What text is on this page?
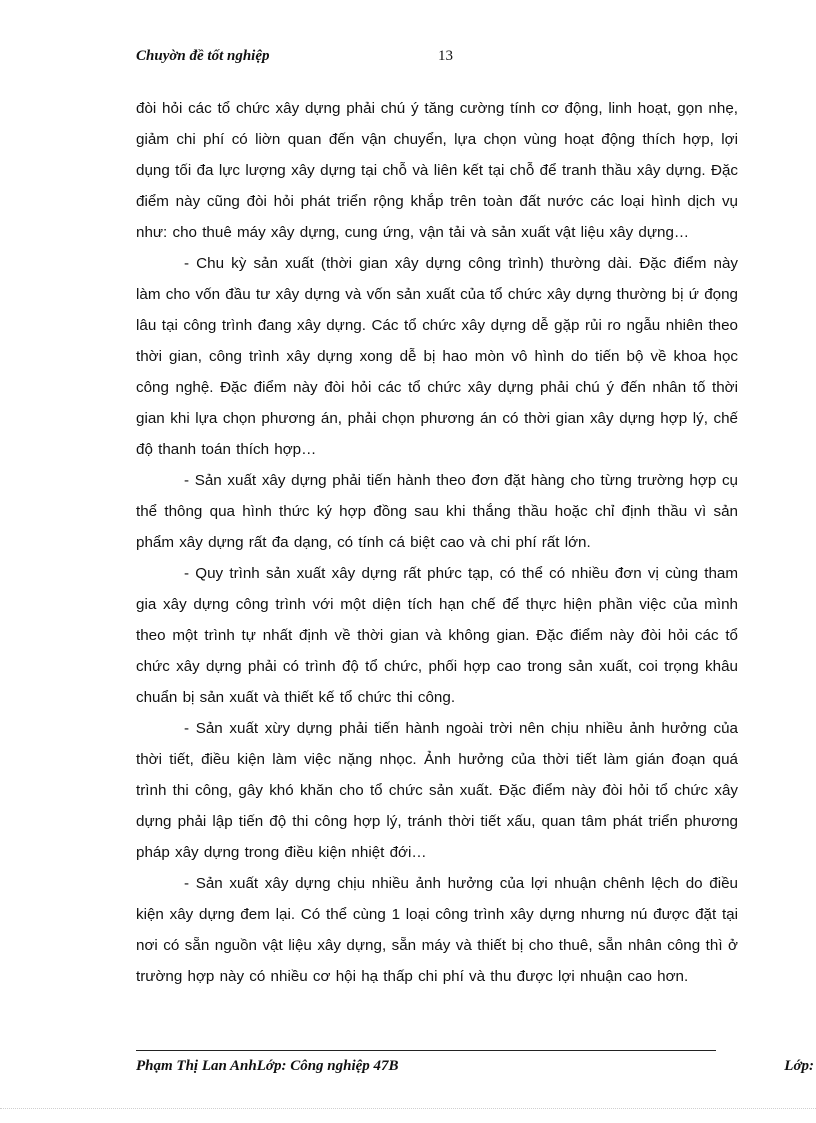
Chuyờn đề tốt nghiệp	13

đòi hỏi các tổ chức xây dựng phải chú ý tăng cường tính cơ động, linh hoạt, gọn nhẹ, giảm chi phí có liờn quan đến vận chuyển, lựa chọn vùng hoạt động thích hợp, lợi dụng tối đa lực lượng xây dựng tại chỗ và liên kết tại chỗ để tranh thầu xây dựng. Đặc điểm này cũng đòi hỏi phát triển rộng khắp trên toàn đất nước các loại hình dịch vụ như: cho thuê máy xây dựng, cung ứng, vận tải và sản xuất vật liệu xây dựng…

- Chu kỳ sản xuất (thời gian xây dựng công trình) thường dài. Đặc điểm này làm cho vốn đầu tư xây dựng và vốn sản xuất của tổ chức xây dựng thường bị ứ đọng lâu tại công trình đang xây dựng. Các tổ chức xây dựng dễ gặp rủi ro ngẫu nhiên theo thời gian, công trình xây dựng xong dễ bị hao mòn vô hình do tiến bộ về khoa học công nghệ. Đặc điểm này đòi hỏi các tổ chức xây dựng phải chú ý đến nhân tố thời gian khi lựa chọn phương án, phải chọn phương án có thời gian xây dựng hợp lý, chế độ thanh toán thích hợp…

- Sản xuất xây dựng phải tiến hành theo đơn đặt hàng cho từng trường hợp cụ thể thông qua hình thức ký hợp đồng sau khi thắng thầu hoặc chỉ định thầu vì sản phẩm xây dựng rất đa dạng, có tính cá biệt cao và chi phí rất lớn.

- Quy trình sản xuất xây dựng rất phức tạp, có thể có nhiều đơn vị cùng tham gia xây dựng công trình với một diện tích hạn chế để thực hiện phần việc của mình theo một trình tự nhất định về thời gian và không gian. Đặc điểm này đòi hỏi các tổ chức xây dựng phải có trình độ tổ chức, phối hợp cao trong sản xuất, coi trọng khâu chuẩn bị sản xuất và thiết kế tổ chức thi công.

- Sản xuất xừy dựng phải tiến hành ngoài trời nên chịu nhiều ảnh hưởng của thời tiết, điều kiện làm việc nặng nhọc. Ảnh hưởng của thời tiết làm gián đoạn quá trình thi công, gây khó khăn cho tổ chức sản xuất. Đặc điểm này đòi hỏi tổ chức xây dựng phải lập tiến độ thi công hợp lý, tránh thời tiết xấu, quan tâm phát triển phương pháp xây dựng trong điều kiện nhiệt đới…

- Sản xuất xây dựng chịu nhiều ảnh hưởng của lợi nhuận chênh lệch do điều kiện xây dựng đem lại. Có thể cùng 1 loại công trình xây dựng nhưng nú được đặt tại nơi có sẵn nguồn vật liệu xây dựng, sẵn máy và thiết bị cho thuê, sẵn nhân công thì ở trường hợp này có nhiều cơ hội hạ thấp chi phí và thu được lợi nhuận cao hơn.

Phạm Thị Lan AnhLớp: Công nghiệp 47B	Lớp:
